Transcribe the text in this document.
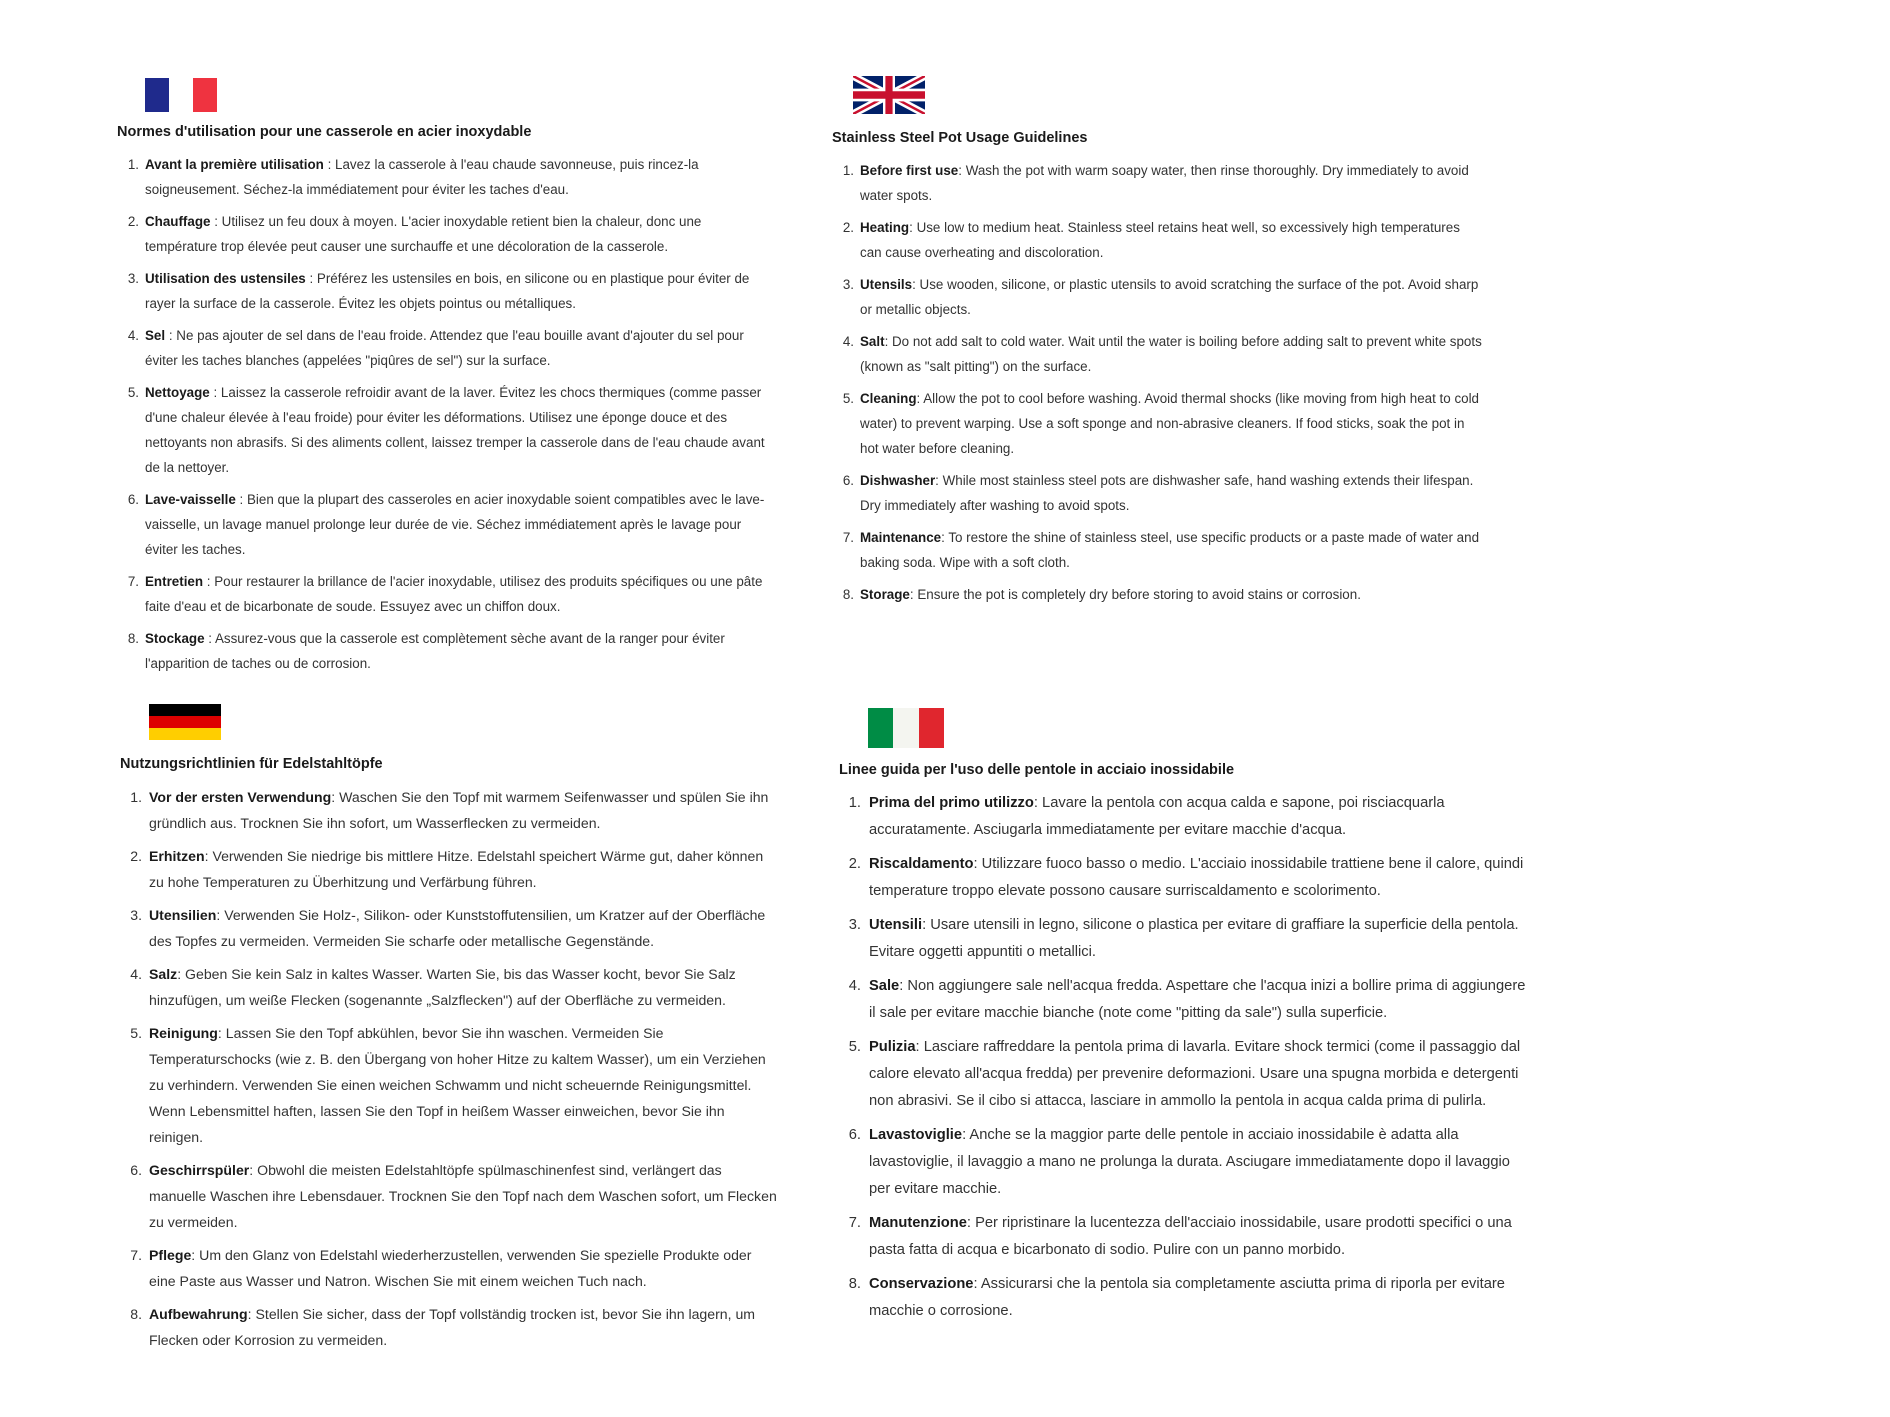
Normes d'utilisation pour une casserole en acier inoxydable
1. Avant la première utilisation : Lavez la casserole à l'eau chaude savonneuse, puis rincez-la soigneusement. Séchez-la immédiatement pour éviter les taches d'eau.
2. Chauffage : Utilisez un feu doux à moyen. L'acier inoxydable retient bien la chaleur, donc une température trop élevée peut causer une surchauffe et une décoloration de la casserole.
3. Utilisation des ustensiles : Préférez les ustensiles en bois, en silicone ou en plastique pour éviter de rayer la surface de la casserole. Évitez les objets pointus ou métalliques.
4. Sel : Ne pas ajouter de sel dans de l'eau froide. Attendez que l'eau bouille avant d'ajouter du sel pour éviter les taches blanches (appelées "piqûres de sel") sur la surface.
5. Nettoyage : Laissez la casserole refroidir avant de la laver. Évitez les chocs thermiques (comme passer d'une chaleur élevée à l'eau froide) pour éviter les déformations. Utilisez une éponge douce et des nettoyants non abrasifs. Si des aliments collent, laissez tremper la casserole dans de l'eau chaude avant de la nettoyer.
6. Lave-vaisselle : Bien que la plupart des casseroles en acier inoxydable soient compatibles avec le lave-vaisselle, un lavage manuel prolonge leur durée de vie. Séchez immédiatement après le lavage pour éviter les taches.
7. Entretien : Pour restaurer la brillance de l'acier inoxydable, utilisez des produits spécifiques ou une pâte faite d'eau et de bicarbonate de soude. Essuyez avec un chiffon doux.
8. Stockage : Assurez-vous que la casserole est complètement sèche avant de la ranger pour éviter l'apparition de taches ou de corrosion.
Stainless Steel Pot Usage Guidelines
1. Before first use: Wash the pot with warm soapy water, then rinse thoroughly. Dry immediately to avoid water spots.
2. Heating: Use low to medium heat. Stainless steel retains heat well, so excessively high temperatures can cause overheating and discoloration.
3. Utensils: Use wooden, silicone, or plastic utensils to avoid scratching the surface of the pot. Avoid sharp or metallic objects.
4. Salt: Do not add salt to cold water. Wait until the water is boiling before adding salt to prevent white spots (known as "salt pitting") on the surface.
5. Cleaning: Allow the pot to cool before washing. Avoid thermal shocks (like moving from high heat to cold water) to prevent warping. Use a soft sponge and non-abrasive cleaners. If food sticks, soak the pot in hot water before cleaning.
6. Dishwasher: While most stainless steel pots are dishwasher safe, hand washing extends their lifespan. Dry immediately after washing to avoid spots.
7. Maintenance: To restore the shine of stainless steel, use specific products or a paste made of water and baking soda. Wipe with a soft cloth.
8. Storage: Ensure the pot is completely dry before storing to avoid stains or corrosion.
Nutzungsrichtlinien für Edelstahltöpfe
1. Vor der ersten Verwendung: Waschen Sie den Topf mit warmem Seifenwasser und spülen Sie ihn gründlich aus. Trocknen Sie ihn sofort, um Wasserflecken zu vermeiden.
2. Erhitzen: Verwenden Sie niedrige bis mittlere Hitze. Edelstahl speichert Wärme gut, daher können zu hohe Temperaturen zu Überhitzung und Verfärbung führen.
3. Utensilien: Verwenden Sie Holz-, Silikon- oder Kunststoffutensilien, um Kratzer auf der Oberfläche des Topfes zu vermeiden. Vermeiden Sie scharfe oder metallische Gegenstände.
4. Salz: Geben Sie kein Salz in kaltes Wasser. Warten Sie, bis das Wasser kocht, bevor Sie Salz hinzufügen, um weiße Flecken (sogenannte „Salzflecken") auf der Oberfläche zu vermeiden.
5. Reinigung: Lassen Sie den Topf abkühlen, bevor Sie ihn waschen. Vermeiden Sie Temperaturschocks (wie z. B. den Übergang von hoher Hitze zu kaltem Wasser), um ein Verziehen zu verhindern. Verwenden Sie einen weichen Schwamm und nicht scheuernde Reinigungsmittel. Wenn Lebensmittel haften, lassen Sie den Topf in heißem Wasser einweichen, bevor Sie ihn reinigen.
6. Geschirrspüler: Obwohl die meisten Edelstahltöpfe spülmaschinenfest sind, verlängert das manuelle Waschen ihre Lebensdauer. Trocknen Sie den Topf nach dem Waschen sofort, um Flecken zu vermeiden.
7. Pflege: Um den Glanz von Edelstahl wiederherzustellen, verwenden Sie spezielle Produkte oder eine Paste aus Wasser und Natron. Wischen Sie mit einem weichen Tuch nach.
8. Aufbewahrung: Stellen Sie sicher, dass der Topf vollständig trocken ist, bevor Sie ihn lagern, um Flecken oder Korrosion zu vermeiden.
Linee guida per l'uso delle pentole in acciaio inossidabile
1. Prima del primo utilizzo: Lavare la pentola con acqua calda e sapone, poi risciacquarla accuratamente. Asciugarla immediatamente per evitare macchie d'acqua.
2. Riscaldamento: Utilizzare fuoco basso o medio. L'acciaio inossidabile trattiene bene il calore, quindi temperature troppo elevate possono causare surriscaldamento e scolorimento.
3. Utensili: Usare utensili in legno, silicone o plastica per evitare di graffiare la superficie della pentola. Evitare oggetti appuntiti o metallici.
4. Sale: Non aggiungere sale nell'acqua fredda. Aspettare che l'acqua inizi a bollire prima di aggiungere il sale per evitare macchie bianche (note come "pitting da sale") sulla superficie.
5. Pulizia: Lasciare raffreddare la pentola prima di lavarla. Evitare shock termici (come il passaggio dal calore elevato all'acqua fredda) per prevenire deformazioni. Usare una spugna morbida e detergenti non abrasivi. Se il cibo si attacca, lasciare in ammollo la pentola in acqua calda prima di pulirla.
6. Lavastoviglie: Anche se la maggior parte delle pentole in acciaio inossidabile è adatta alla lavastoviglie, il lavaggio a mano ne prolunga la durata. Asciugare immediatamente dopo il lavaggio per evitare macchie.
7. Manutenzione: Per ripristinare la lucentezza dell'acciaio inossidabile, usare prodotti specifici o una pasta fatta di acqua e bicarbonato di sodio. Pulire con un panno morbido.
8. Conservazione: Assicurarsi che la pentola sia completamente asciutta prima di riporla per evitare macchie o corrosione.
